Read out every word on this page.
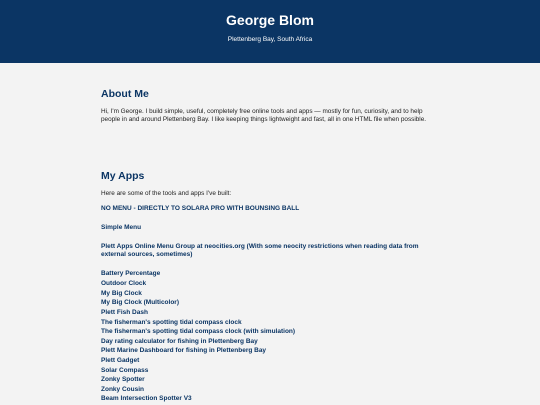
George Blom
Plettenberg Bay, South Africa
About Me
Hi, I'm George. I build simple, useful, completely free online tools and apps — mostly for fun, curiosity, and to help people in and around Plettenberg Bay. I like keeping things lightweight and fast, all in one HTML file when possible.
My Apps
Here are some of the tools and apps I've built:
NO MENU - DIRECTLY TO SOLARA PRO WITH BOUNSING BALL
Simple Menu
Plett Apps Online Menu Group at neocities.org (With some neocity restrictions when reading data from external sources, sometimes)
Battery Percentage
Outdoor Clock
My Big Clock
My Big Clock (Multicolor)
Plett Fish Dash
The fisherman's spotting tidal compass clock
The fisherman's spotting tidal compass clock (with simulation)
Day rating calculator for fishing in Plettenberg Bay
Plett Marine Dashboard for fishing in Plettenberg Bay
Plett Gadget
Solar Compass
Zonky Spotter
Zonky Cousin
Beam Intersection Spotter V3
